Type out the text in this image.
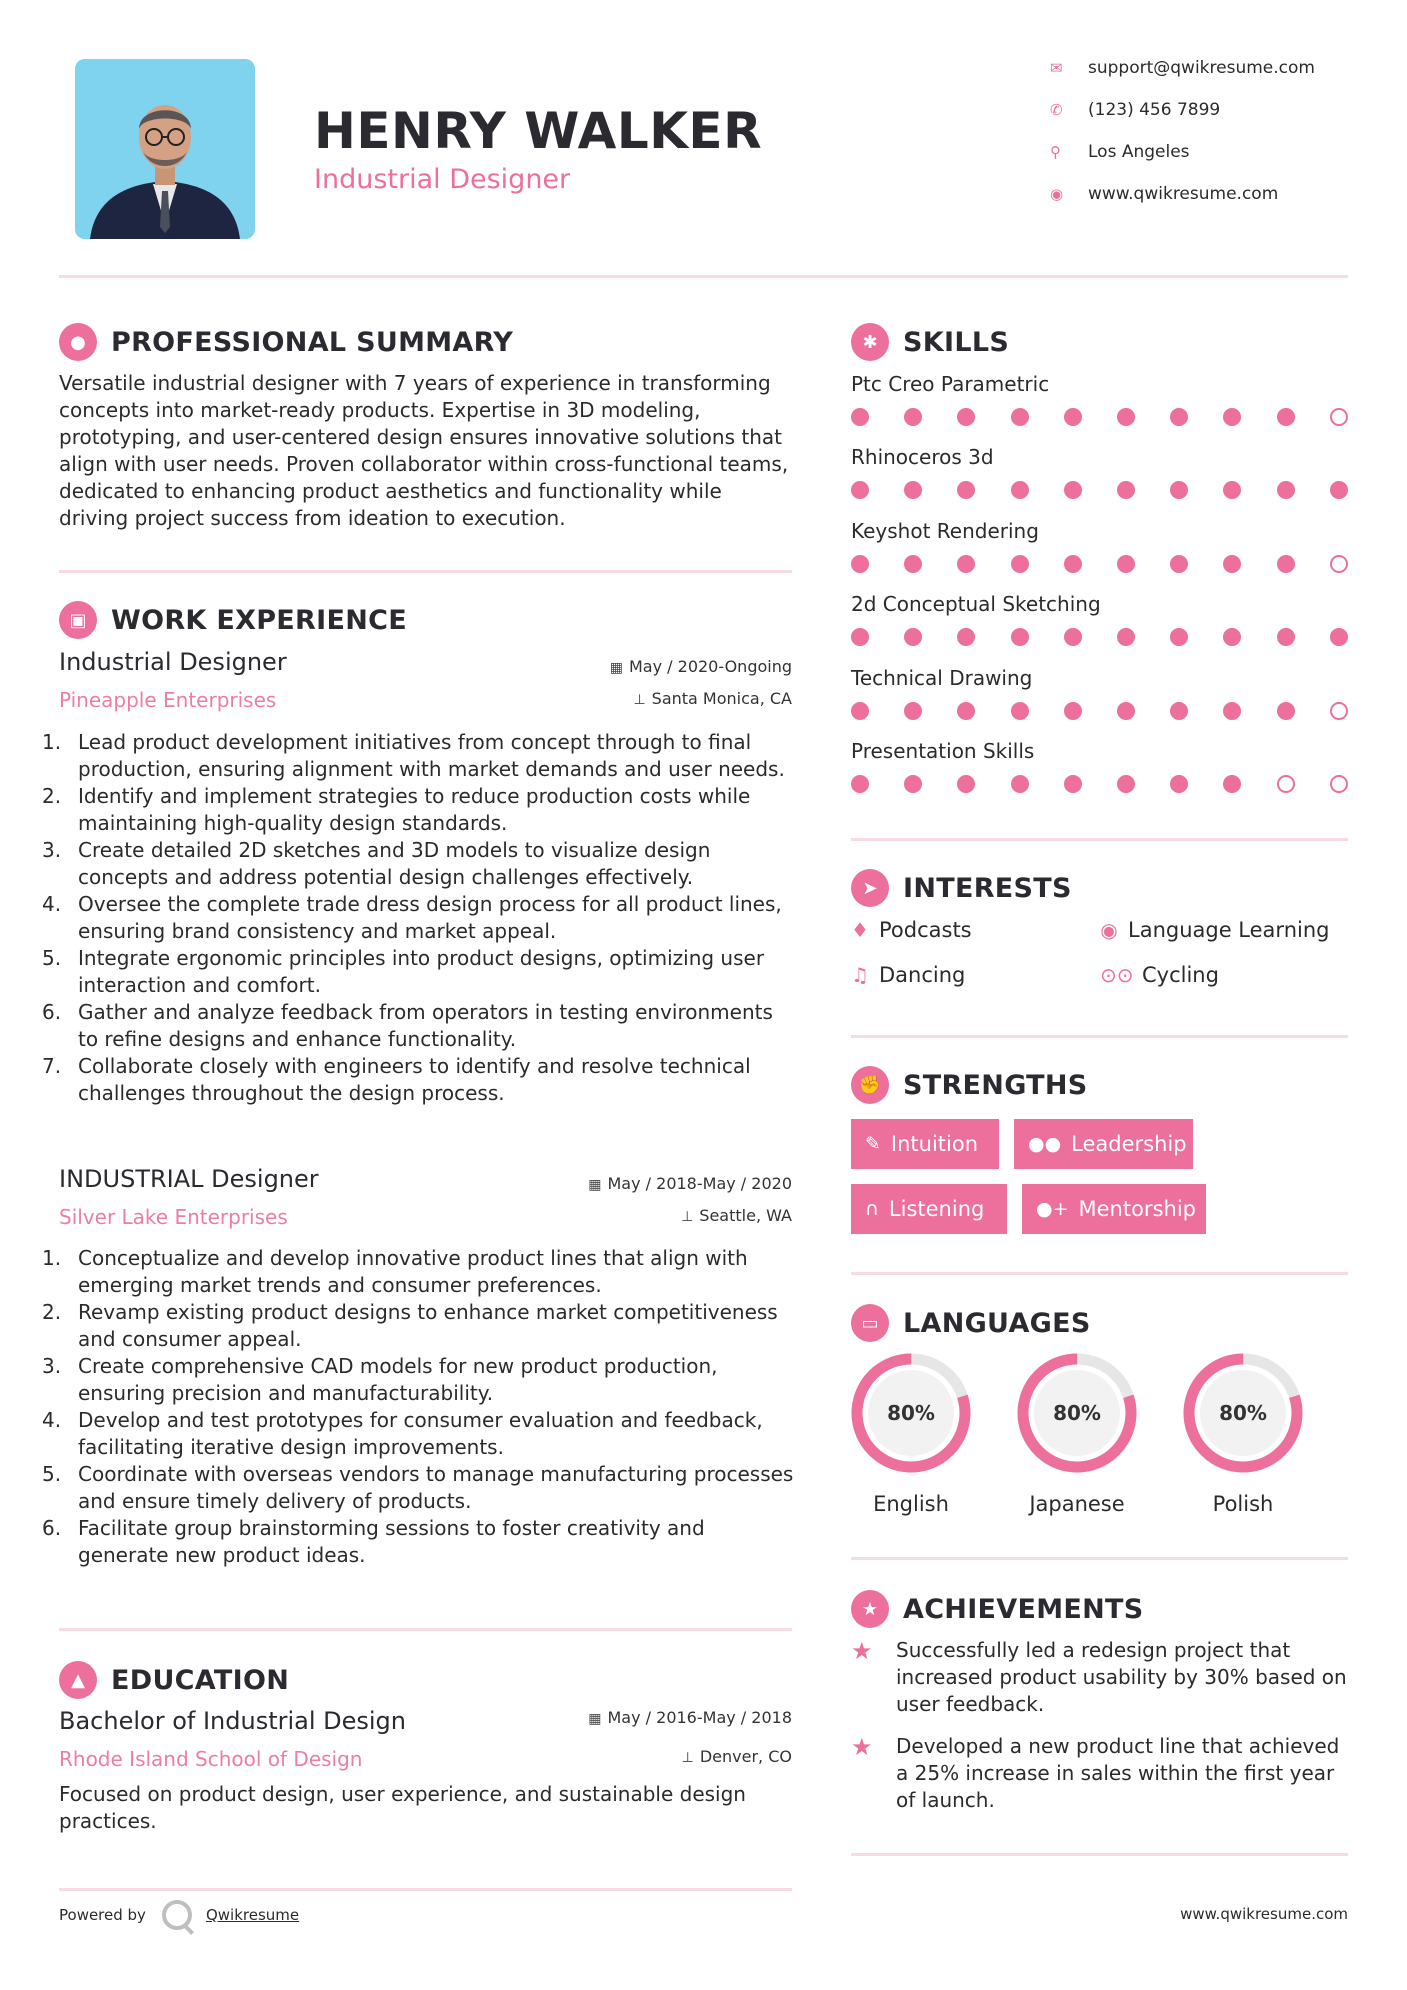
HENRY WALKER
Industrial Designer
✉	support@qwikresume.com
✆	(123) 456 7899
⚲	Los Angeles
◉	www.qwikresume.com
● PROFESSIONAL SUMMARY
Versatile industrial designer with 7 years of experience in transforming concepts into market-ready products. Expertise in 3D modeling, prototyping, and user-centered design ensures innovative solutions that align with user needs. Proven collaborator within cross-functional teams, dedicated to enhancing product aesthetics and functionality while driving project success from ideation to execution.
▣ WORK EXPERIENCE
Industrial Designer
Pineapple Enterprises
▦ May / 2020-Ongoing
⊥ Santa Monica, CA
1. Lead product development initiatives from concept through to final production, ensuring alignment with market demands and user needs.
2. Identify and implement strategies to reduce production costs while maintaining high-quality design standards.
3. Create detailed 2D sketches and 3D models to visualize design concepts and address potential design challenges effectively.
4. Oversee the complete trade dress design process for all product lines, ensuring brand consistency and market appeal.
5. Integrate ergonomic principles into product designs, optimizing user interaction and comfort.
6. Gather and analyze feedback from operators in testing environments to refine designs and enhance functionality.
7. Collaborate closely with engineers to identify and resolve technical challenges throughout the design process.
INDUSTRIAL Designer
Silver Lake Enterprises
▦ May / 2018-May / 2020
⊥ Seattle, WA
1. Conceptualize and develop innovative product lines that align with emerging market trends and consumer preferences.
2. Revamp existing product designs to enhance market competitiveness and consumer appeal.
3. Create comprehensive CAD models for new product production, ensuring precision and manufacturability.
4. Develop and test prototypes for consumer evaluation and feedback, facilitating iterative design improvements.
5. Coordinate with overseas vendors to manage manufacturing processes and ensure timely delivery of products.
6. Facilitate group brainstorming sessions to foster creativity and generate new product ideas.
▲ EDUCATION
Bachelor of Industrial Design
Rhode Island School of Design
▦ May / 2016-May / 2018
⊥ Denver, CO
Focused on product design, user experience, and sustainable design practices.
✱ SKILLS
Ptc Creo Parametric
Rhinoceros 3d
Keyshot Rendering
2d Conceptual Sketching
Technical Drawing
Presentation Skills
➤ INTERESTS
♦ Podcasts	◉ Language Learning
♫ Dancing	⊙⊙ Cycling
✊ STRENGTHS
✎ Intuition	●● Leadership
∩ Listening	●+ Mentorship
▭ LANGUAGES
80%
English
80%
Japanese
80%
Polish
★ ACHIEVEMENTS
★	Successfully led a redesign project that increased product usability by 30% based on user feedback.
★	Developed a new product line that achieved a 25% increase in sales within the first year of launch.
Powered by	Qwikresume	www.qwikresume.com
